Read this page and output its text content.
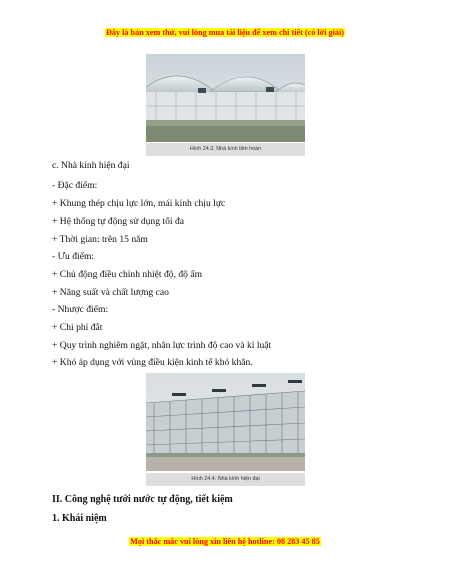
Đây là bản xem thử, vui lòng mua tài liệu để xem chi tiết (có lời giải)
Hình 24.3. Nhà kính liên hoàn
c. Nhà kính hiện đại
- Đặc điểm:
+ Khung thép chịu lực lớn, mái kính chịu lực
+ Hệ thống tự động sử dụng tối đa
+ Thời gian: trên 15 năm
- Ưu điểm:
+ Chủ động điều chỉnh nhiệt độ, độ ẩm
+ Năng suất và chất lượng cao
- Nhược điểm:
+ Chi phí đắt
+ Quy trình nghiêm ngặt, nhân lực trình độ cao và kỉ luật
+ Khó áp dụng với vùng điều kiện kinh tế khó khăn.
Hình 24.4. Nhà kính hiện đại
II. Công nghệ tưới nước tự động, tiết kiệm
1. Khái niệm
Mọi thắc mắc vui lòng xin liên hệ hotline: 08 283 45 85
